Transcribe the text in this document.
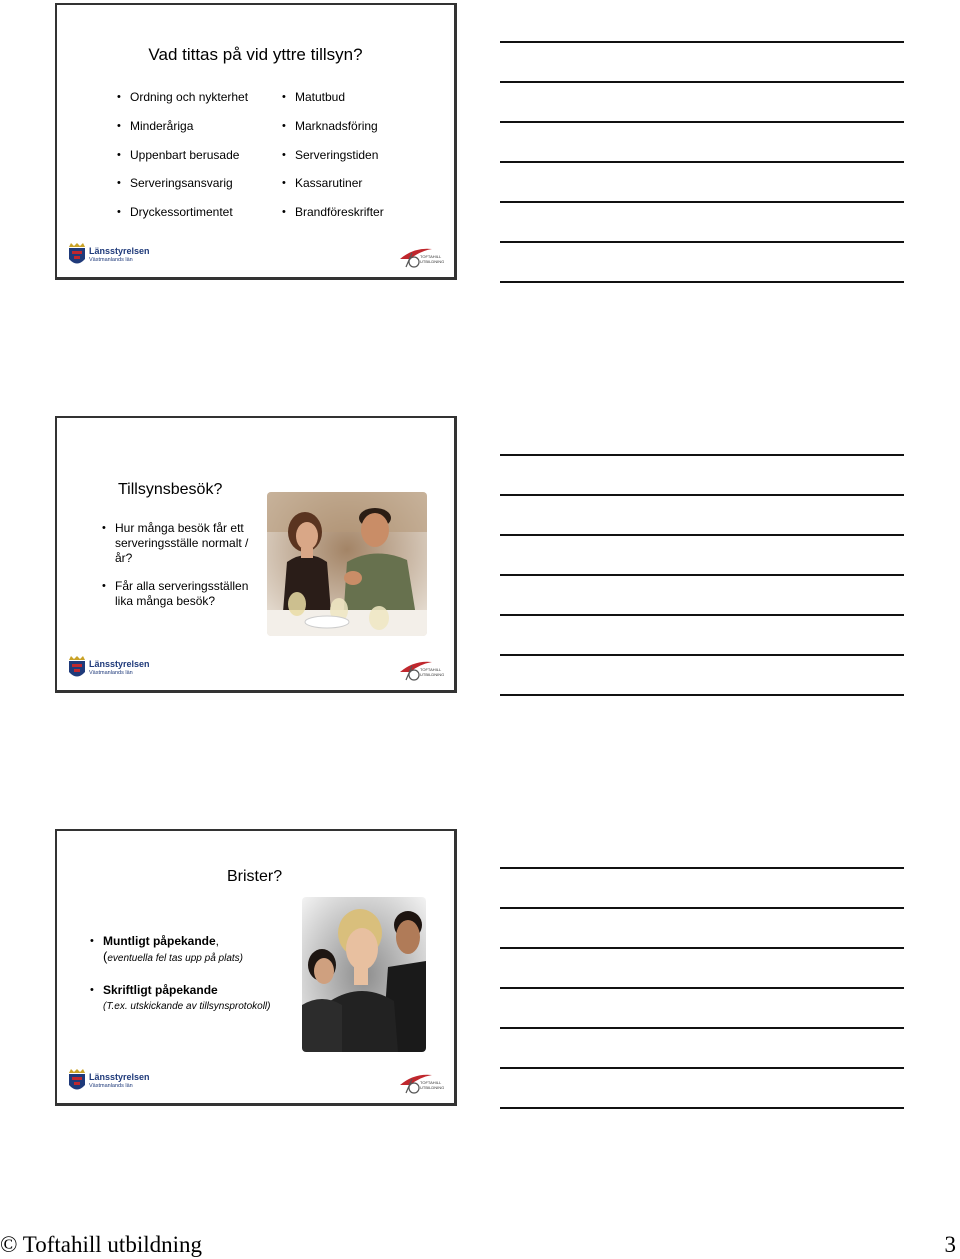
Vad tittas på vid yttre tillsyn?
• Ordning och nykterhet
• Minderåriga
• Uppenbart berusade
• Serveringsansvarig
• Dryckessortimentet
• Matutbud
• Marknadsföring
• Serveringstiden
• Kassarutiner
• Brandföreskrifter
Länsstyrelsen
Västmanlands län
TOFTAHILL
UTBILDNING
Tillsynsbesök?
• Hur många besök får ett serveringsställe normalt / år?
• Får alla serveringsställen lika många besök?
Länsstyrelsen
Västmanlands län
TOFTAHILL
UTBILDNING
Brister?
• Muntligt påpekande,
(eventuella fel tas upp på plats)
• Skriftligt påpekande
(T.ex. utskickande av tillsynsprotokoll)
Länsstyrelsen
Västmanlands län
TOFTAHILL
UTBILDNING
© Toftahill utbildning	3
